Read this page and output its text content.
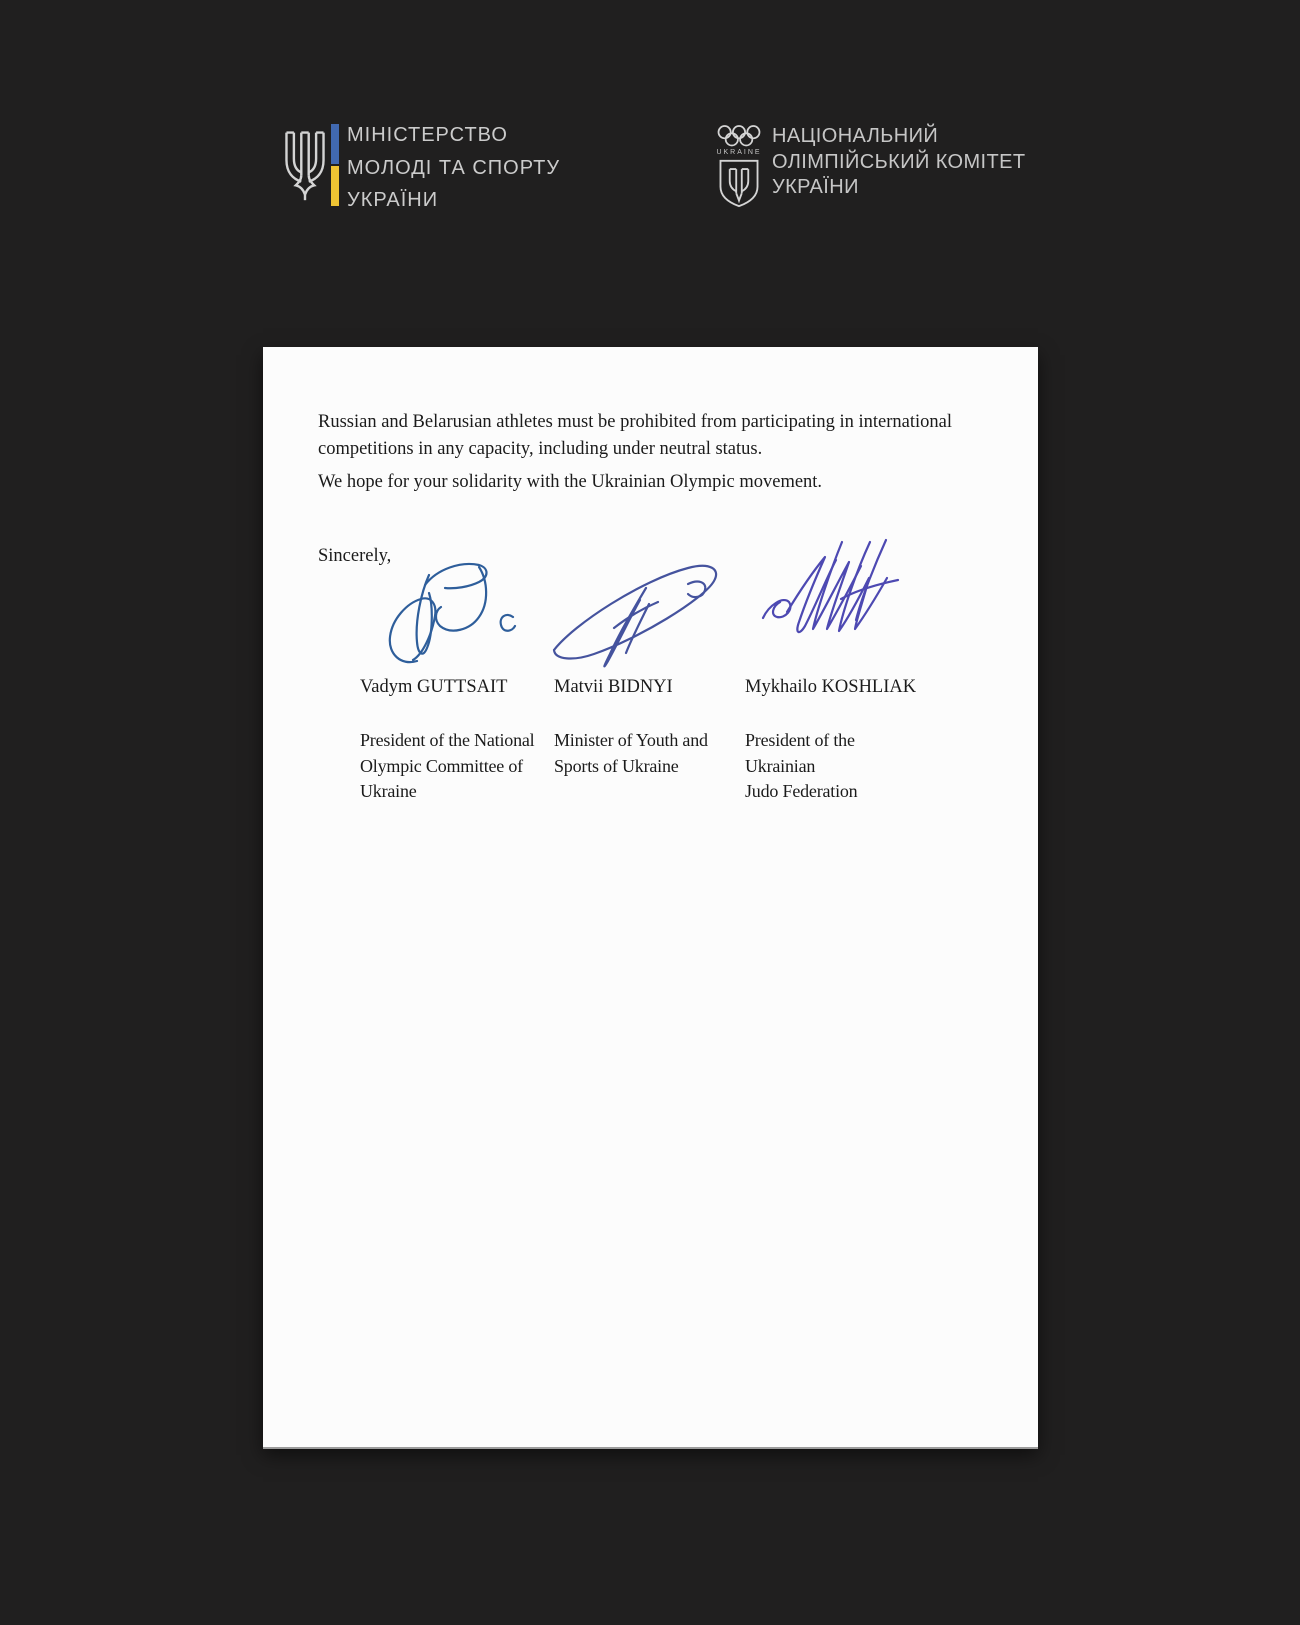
МІНІСТЕРСТВО
МОЛОДІ ТА СПОРТУ
УКРАЇНИ
UKRAINE
НАЦІОНАЛЬНИЙ
ОЛІМПІЙСЬКИЙ КОМІТЕТ
УКРАЇНИ
Russian and Belarusian athletes must be prohibited from participating in international
competitions in any capacity, including under neutral status.
We hope for your solidarity with the Ukrainian Olympic movement.
Sincerely,
Vadym GUTTSAIT	Matvii BIDNYI	Mykhailo KOSHLIAK
President of the National
Olympic Committee of
Ukraine
Minister of Youth and
Sports of Ukraine
President of the
Ukrainian
Judo Federation
